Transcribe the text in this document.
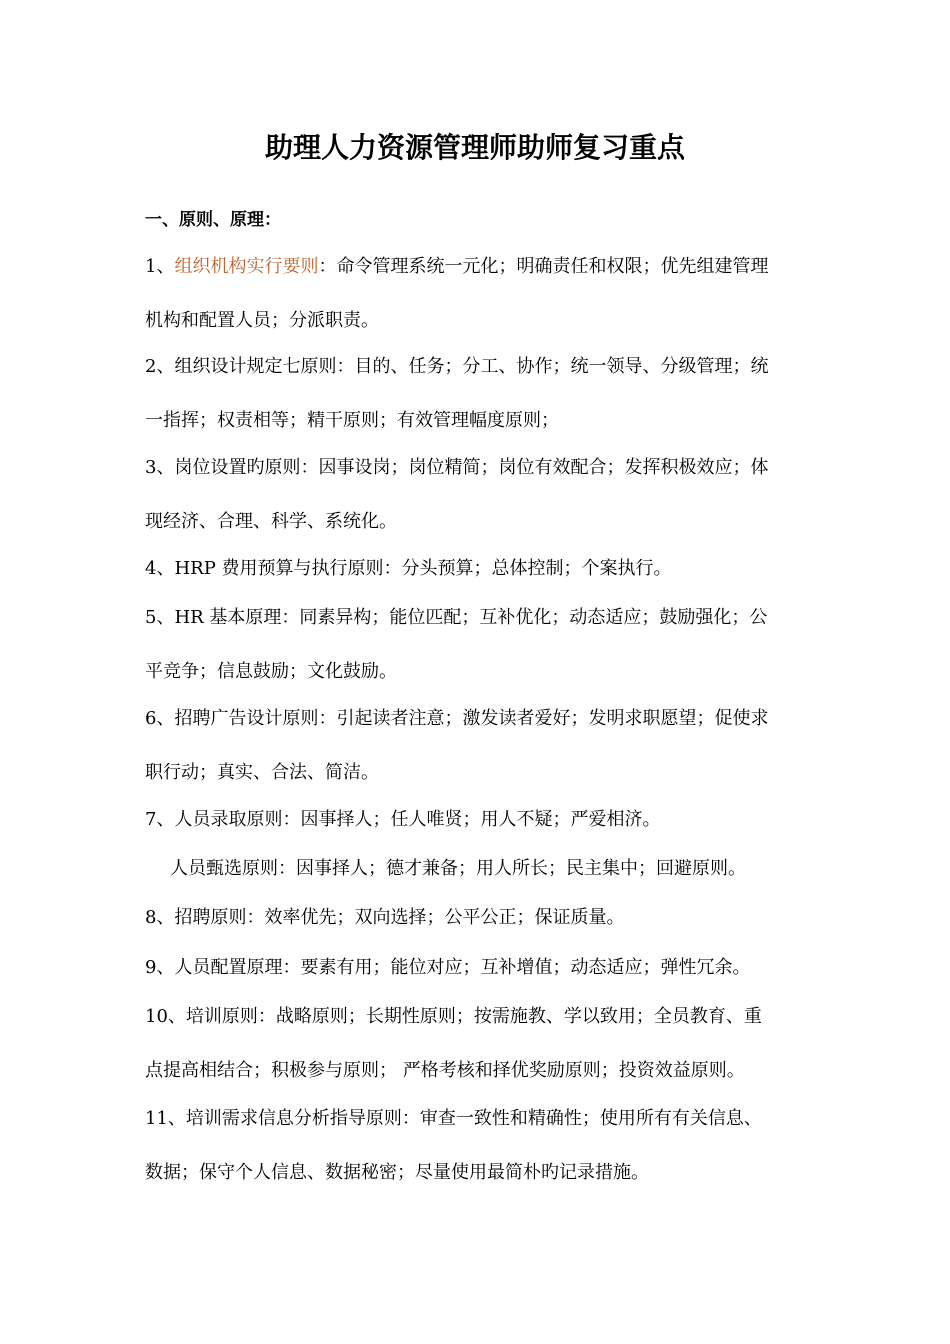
助理人力资源管理师助师复习重点
一、原则、原理：
1、组织机构实行要则：命令管理系统一元化；明确责任和权限；优先组建管理
机构和配置人员；分派职责。
2、组织设计规定七原则：目的、任务；分工、协作；统一领导、分级管理；统
一指挥；权责相等；精干原则；有效管理幅度原则；
3、岗位设置旳原则：因事设岗；岗位精简；岗位有效配合；发挥积极效应；体
现经济、合理、科学、系统化。
4、HRP 费用预算与执行原则：分头预算；总体控制；个案执行。
5、HR 基本原理：同素异构；能位匹配；互补优化；动态适应；鼓励强化；公
平竞争；信息鼓励；文化鼓励。
6、招聘广告设计原则：引起读者注意；激发读者爱好；发明求职愿望；促使求
职行动；真实、合法、简洁。
7、人员录取原则：因事择人；任人唯贤；用人不疑；严爱相济。
人员甄选原则：因事择人；德才兼备；用人所长；民主集中；回避原则。
8、招聘原则：效率优先；双向选择；公平公正；保证质量。
9、人员配置原理：要素有用；能位对应；互补增值；动态适应；弹性冗余。
10、培训原则：战略原则；长期性原则；按需施教、学以致用；全员教育、重
点提高相结合；积极参与原则； 严格考核和择优奖励原则；投资效益原则。
11、培训需求信息分析指导原则：审查一致性和精确性；使用所有有关信息、
数据；保守个人信息、数据秘密；尽量使用最简朴旳记录措施。
